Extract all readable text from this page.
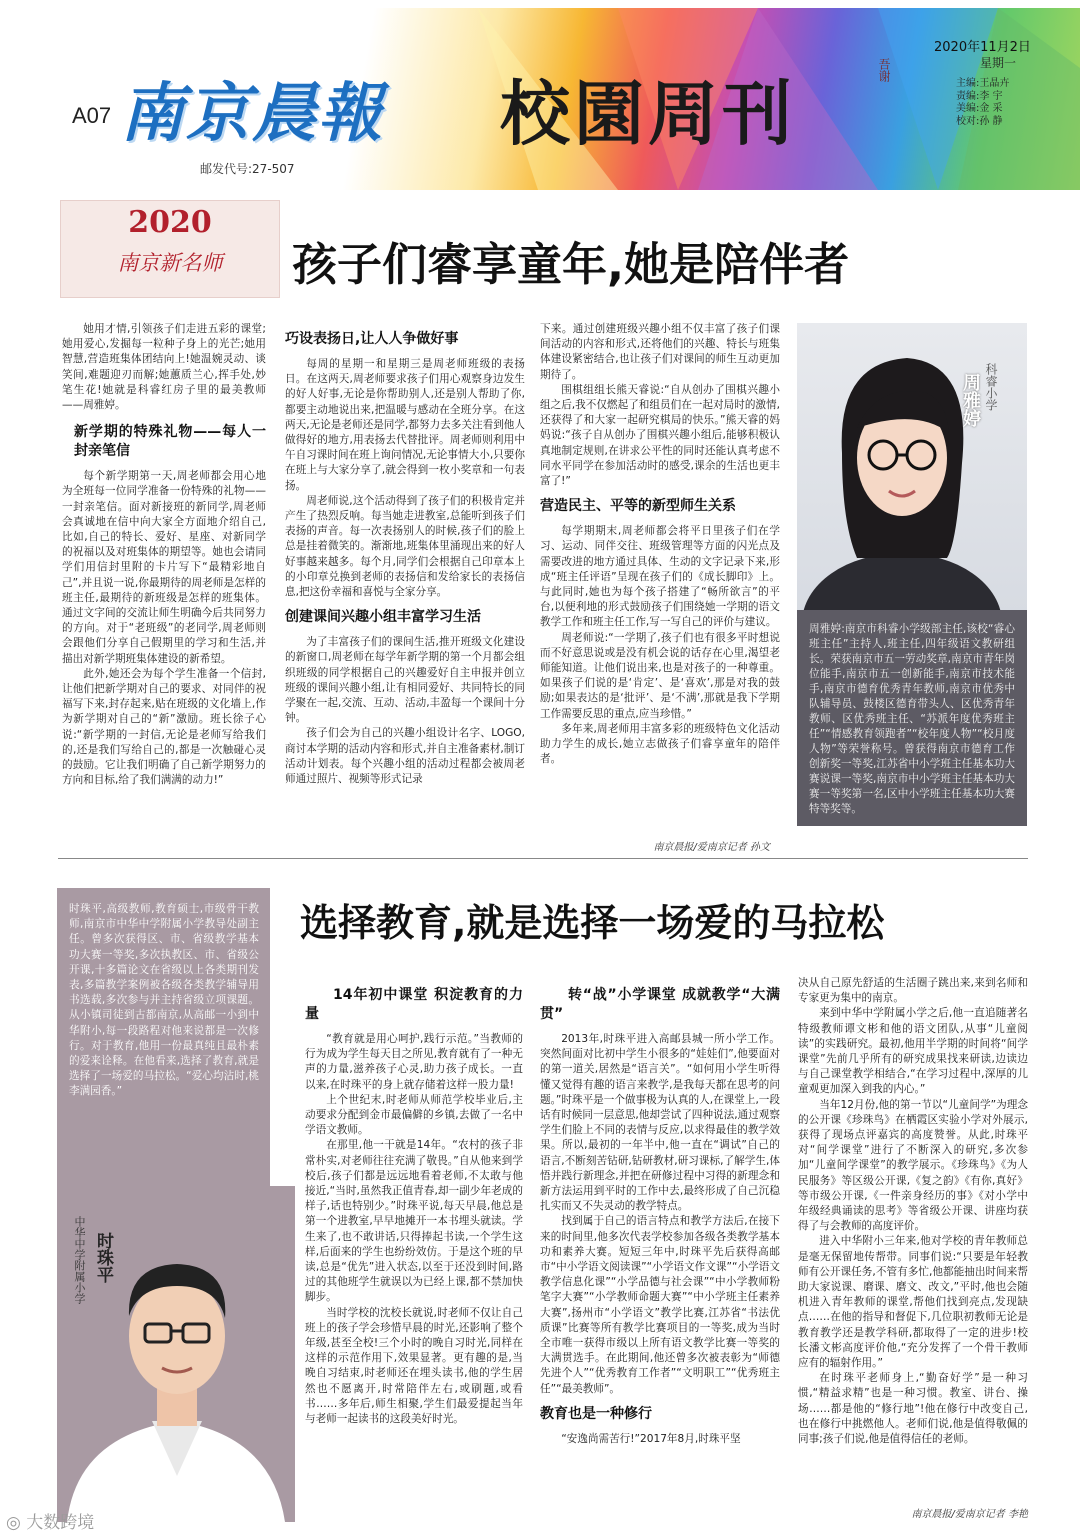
南京晨報 校園周刊
吾谢
A07
邮发代号:27-507
2020年11月2日
星期一
主编:王晶卉
责编:李 宇
美编:金 采
校对:孙 静
2020
南京新名师	孩子们睿享童年,她是陪伴者

她用才情,引领孩子们走进五彩的课堂;她用爱心,发掘每一粒种子身上的光芒;她用智慧,营造班集体团结向上!她温婉灵动、谈笑间,难题迎刃而解;她蕙质兰心,挥手处,妙笔生花!她就是科睿红房子里的最美教师——周雅婷。

新学期的特殊礼物——每人一封亲笔信

每个新学期第一天,周老师都会用心地为全班每一位同学准备一份特殊的礼物——一封亲笔信。面对新接班的新同学,周老师会真诚地在信中向大家全方面地介绍自己,比如,自己的特长、爱好、星座、对新同学的祝福以及对班集体的期望等。她也会请同学们用信封里附的卡片写下“最精彩地自己”,并且说一说,你最期待的周老师是怎样的班主任,最期待的新班级是怎样的班集体。通过文字间的交流让师生明确今后共同努力的方向。对于“老班级”的老同学,周老师则会跟他们分享自己假期里的学习和生活,并描出对新学期班集体建设的新希望。

此外,她还会为每个学生准备一个信封,让他们把新学期对自己的要求、对同伴的祝福写下来,封存起来,贴在班级的文化墙上,作为新学期对自己的“新”激励。班长徐子心说:“新学期的一封信,无论是老师写给我们的,还是我们写给自己的,都是一次触碰心灵的鼓励。它让我们明确了自己新学期努力的方向和目标,给了我们满满的动力!”

巧设表扬日,让人人争做好事

每周的星期一和星期三是周老师班级的表扬日。在这两天,周老师要求孩子们用心观察身边发生的好人好事,无论是你帮助别人,还是别人帮助了你,都要主动地说出来,把温暖与感动在全班分享。在这两天,无论是老师还是同学,都努力去多关注看到他人做得好的地方,用表扬去代替批评。周老师则利用中午自习课时间在班上询问情况,无论事情大小,只要你在班上与大家分享了,就会得到一枚小奖章和一句表扬。

周老师说,这个活动得到了孩子们的积极肯定并产生了热烈反响。每当她走进教室,总能听到孩子们表扬的声音。每一次表扬别人的时候,孩子们的脸上总是挂着微笑的。渐渐地,班集体里涌现出来的好人好事越来越多。每个月,同学们会根据自己印章本上的小印章兑换到老师的表扬信和发给家长的表扬信息,把这份幸福和喜悦与全家分享。

创建课间兴趣小组丰富学习生活

为了丰富孩子们的课间生活,推开班级文化建设的新窗口,周老师在每学年新学期的第一个月都会组织班级的同学根据自己的兴趣爱好自主申报并创立班级的课间兴趣小组,让有相同爱好、共同特长的同学聚在一起,交流、互动、活动,丰盈每一个课间十分钟。

孩子们会为自己的兴趣小组设计名字、LOGO,商讨本学期的活动内容和形式,并自主准备素材,制订活动计划表。每个兴趣小组的活动过程都会被周老师通过照片、视频等形式记录

下来。通过创建班级兴趣小组不仅丰富了孩子们课间活动的内容和形式,还将他们的兴趣、特长与班集体建设紧密结合,也让孩子们对课间的师生互动更加期待了。

围棋组组长熊天睿说:“自从创办了围棋兴趣小组之后,我不仅燃起了和组员们在一起对局时的激情,还获得了和大家一起研究棋局的快乐。”熊天睿的妈妈说:“孩子自从创办了围棋兴趣小组后,能够积极认真地制定规则,在讲求公平性的同时还能认真考虑不同水平同学在参加活动时的感受,课余的生活也更丰富了!”

营造民主、平等的新型师生关系

每学期期末,周老师都会将平日里孩子们在学习、运动、同伴交往、班级管理等方面的闪光点及需要改进的地方通过具体、生动的文字记录下来,形成“班主任评语”呈现在孩子们的《成长脚印》上。与此同时,她也为每个孩子搭建了“畅所欲言”的平台,以便利地的形式鼓励孩子们围绕她一学期的语文教学工作和班主任工作,写一写自己的评价与建议。

周老师说:“一学期了,孩子们也有很多平时想说而不好意思说或是没有机会说的话存在心里,渴望老师能知道。让他们说出来,也是对孩子的一种尊重。如果孩子们说的是‘肯定’、是‘喜欢’,那是对我的鼓励;如果表达的是‘批评’、是‘不满’,那就是我下学期工作需要反思的重点,应当珍惜。”

多年来,周老师用丰富多彩的班级特色文化活动助力学生的成长,她立志做孩子们睿享童年的陪伴者。

南京晨报/爱南京记者 孙文
科睿小学
周雅婷
周雅婷:南京市科睿小学级部主任,该校“睿心班主任”主持人,班主任,四年级语文教研组长。荣获南京市五一劳动奖章,南京市青年岗位能手,南京市五一创新能手,南京市技术能手,南京市德育优秀青年教师,南京市优秀中队辅导员、鼓楼区德育带头人、区优秀青年教师、区优秀班主任、“苏派年度优秀班主任”“情感教育领跑者”“校年度人物”“校月度人物”等荣誉称号。曾获得南京市德育工作创新奖一等奖,江苏省中小学班主任基本功大赛说课一等奖,南京市中小学班主任基本功大赛一等奖第一名,区中小学班主任基本功大赛特等奖等。
时珠平,高级教师,教育硕士,市级骨干教师,南京市中华中学附属小学教导处副主任。曾多次获得区、市、省级教学基本功大赛一等奖,多次执教区、市、省级公开课,十多篇论文在省级以上各类期刊发表,多篇教学案例被各级各类教学辅导用书选载,多次参与并主持省级立项课题。从小镇司徒到古都南京,从高邮一小到中华附小,每一段路程对他来说都是一次修行。对于教育,他用一份最真纯且最朴素的爱来诠释。在他看来,选择了教育,就是选择了一场爱的马拉松。“爱心均沾时,桃李满园香。”
中华中学附属小学 时珠平
选择教育,就是选择一场爱的马拉松
14年初中课堂 积淀教育的力量

“教育就是用心呵护,践行示范。”当教师的行为成为学生每天目之所见,教育就有了一种无声的力量,滋养孩子心灵,助力孩子成长。一直以来,在时珠平的身上就存储着这样一股力量!

上个世纪末,时老师从师范学校毕业后,主动要求分配到金市最偏僻的乡镇,去做了一名中学语文教师。

在那里,他一干就是14年。“农村的孩子非常朴实,对老师往往充满了敬畏。”自从他来到学校后,孩子们都是远远地看着老师,不太敢与他接近,“当时,虽然我正值青春,却一副少年老成的样子,话也特别少。”时珠平说,每天早晨,他总是第一个进教室,早早地摊开一本书埋头就读。学生来了,也不敢讲话,只得捧起书读,一个学生这样,后面来的学生也纷纷效仿。于是这个班的早读,总是“优先”进入状态,以至于还没到时间,路过的其他班学生就误以为已经上课,都不禁加快脚步。

当时学校的沈校长就说,时老师不仅让自己班上的孩子学会珍惜早晨的时光,还影响了整个年级,甚至全校!三个小时的晚自习时光,同样在这样的示范作用下,效果显著。更有趣的是,当晚自习结束,时老师还在埋头读书,他的学生居然也不愿离开,时常陪伴左右,或刷题,或看书……多年后,师生相聚,学生们最爱提起当年与老师一起读书的这段美好时光。

转“战”小学课堂 成就教学“大满贯”

2013年,时珠平进入高邮县城一所小学工作。突然间面对比初中学生小很多的“娃娃们”,他要面对的第一道关,居然是“语言关”。“如何用小学生听得懂又觉得有趣的语言来教学,是我每天都在思考的问题。”时珠平是一个做事极为认真的人,在课堂上,一段话有时候同一层意思,他却尝试了四种说法,通过观察学生们脸上不同的表情与反应,以求得最佳的教学效果。所以,最初的一年半中,他一直在“调试”自己的语言,不断刻苦钻研,钻研教材,研习课标,了解学生,体悟并践行新理念,并把在研修过程中习得的新理念和新方法运用到平时的工作中去,最终形成了自己沉稳扎实而又不失灵动的教学特点。

找到属于自己的语言特点和教学方法后,在接下来的时间里,他多次代表学校参加各级各类教学基本功和素养大赛。短短三年中,时珠平先后获得高邮市“中小学语文阅读课”“小学语文作文课”“小学语文教学信息化课”“小学品德与社会课”“中小学教师粉笔字大赛”“小学教师命题大赛”“中小学班主任素养大赛”,扬州市“小学语文”教学比赛,江苏省“书法优质课”比赛等所有教学比赛项目的一等奖,成为当时全市唯一获得市级以上所有语文教学比赛一等奖的大满贯选手。在此期间,他还曾多次被表彰为“师德先进个人”“优秀教育工作者”“文明职工”“优秀班主任”“最美教师”。

教育也是一种修行

“安逸尚需苦行!”2017年8月,时珠平坚

决从自己原先舒适的生活圈子跳出来,来到名师和专家更为集中的南京。

来到中华中学附属小学之后,他一直追随著名特级教师谭文彬和他的语文团队,从事“儿童阅读”的实践研究。最初,他用半学期的时间将“间学课堂”先前几乎所有的研究成果找来研读,边读边与自己课堂教学相结合,“在学习过程中,深厚的儿童观更加深入到我的内心。”

当年12月份,他的第一节以“儿童间学”为理念的公开课《珍珠鸟》在栖霞区实验小学对外展示,获得了现场点评嘉宾的高度赞誉。从此,时珠平对“间学课堂”进行了不断深入的研究,多次参加“儿童间学课堂”的教学展示。《珍珠鸟》《为人民服务》等区级公开课,《复之韵》《有你,真好》等市级公开课,《一件亲身经历的事》《对小学中年级经典诵读的思考》等省级公开课、讲座均获得了与会教师的高度评价。

进入中华附小三年来,他对学校的青年教师总是毫无保留地传帮带。同事们说:“只要是年轻教师有公开课任务,不管有多忙,他都能抽出时间来帮助大家说课、磨课、磨文、改文,”平时,他也会随机进入青年教师的课堂,帮他们找到亮点,发现缺点……在他的指导和督促下,几位职初教师无论是教育教学还是教学科研,都取得了一定的进步!校长潘文彬高度评价他,“充分发挥了一个骨干教师应有的辐射作用。”

在时珠平老师身上,“勤奋好学”是一种习惯,“精益求精”也是一种习惯。教室、讲台、操场……都是他的“修行地”!他在修行中改变自己,也在修行中挑燃他人。老师们说,他是值得敬佩的同事;孩子们说,他是值得信任的老师。

南京晨报/爱南京记者 李艳
◎ 大数跨境
